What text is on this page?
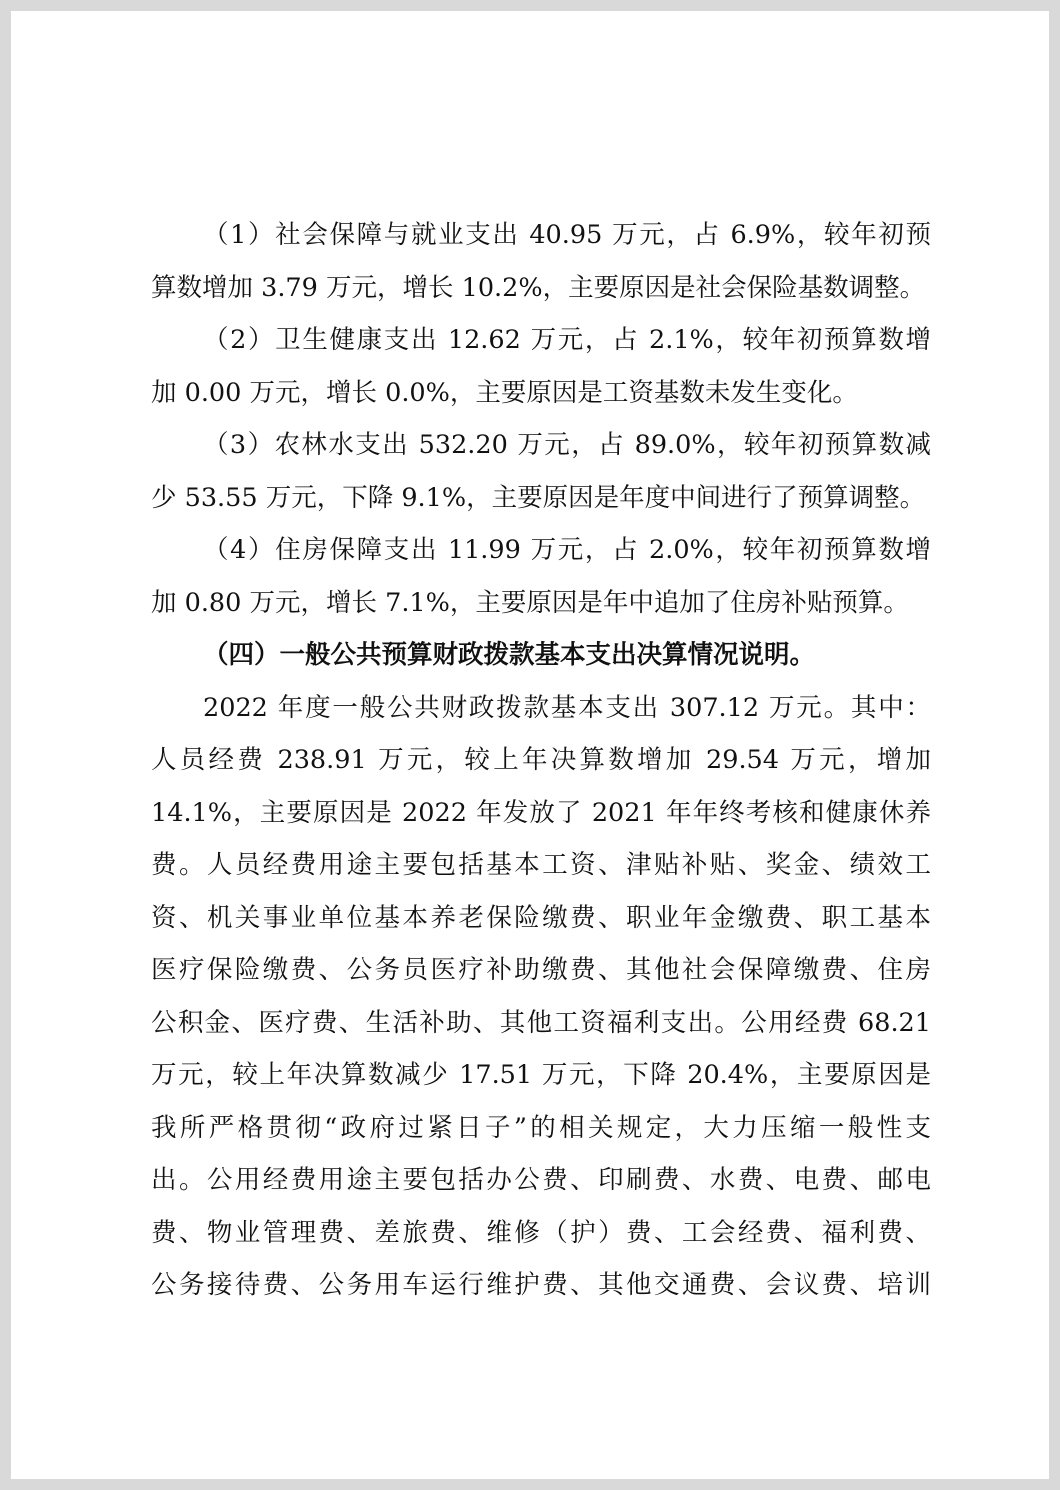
（1）社会保障与就业支出 40.95 万元，占 6.9%，较年初预
算数增加 3.79 万元，增长 10.2%，主要原因是社会保险基数调整。
（2）卫生健康支出 12.62 万元，占 2.1%，较年初预算数增
加 0.00 万元，增长 0.0%，主要原因是工资基数未发生变化。
（3）农林水支出 532.20 万元，占 89.0%，较年初预算数减
少 53.55 万元，下降 9.1%，主要原因是年度中间进行了预算调整。
（4）住房保障支出 11.99 万元，占 2.0%，较年初预算数增
加 0.80 万元，增长 7.1%，主要原因是年中追加了住房补贴预算。
（四）一般公共预算财政拨款基本支出决算情况说明。
2022 年度一般公共财政拨款基本支出 307.12 万元。其中：
人员经费 238.91 万元，较上年决算数增加 29.54 万元，增加
14.1%，主要原因是 2022 年发放了 2021 年年终考核和健康休养
费。人员经费用途主要包括基本工资、津贴补贴、奖金、绩效工
资、机关事业单位基本养老保险缴费、职业年金缴费、职工基本
医疗保险缴费、公务员医疗补助缴费、其他社会保障缴费、住房
公积金、医疗费、生活补助、其他工资福利支出。公用经费 68.21
万元，较上年决算数减少 17.51 万元，下降 20.4%，主要原因是
我所严格贯彻“政府过紧日子”的相关规定，大力压缩一般性支
出。公用经费用途主要包括办公费、印刷费、水费、电费、邮电
费、物业管理费、差旅费、维修（护）费、工会经费、福利费、
公务接待费、公务用车运行维护费、其他交通费、会议费、培训
